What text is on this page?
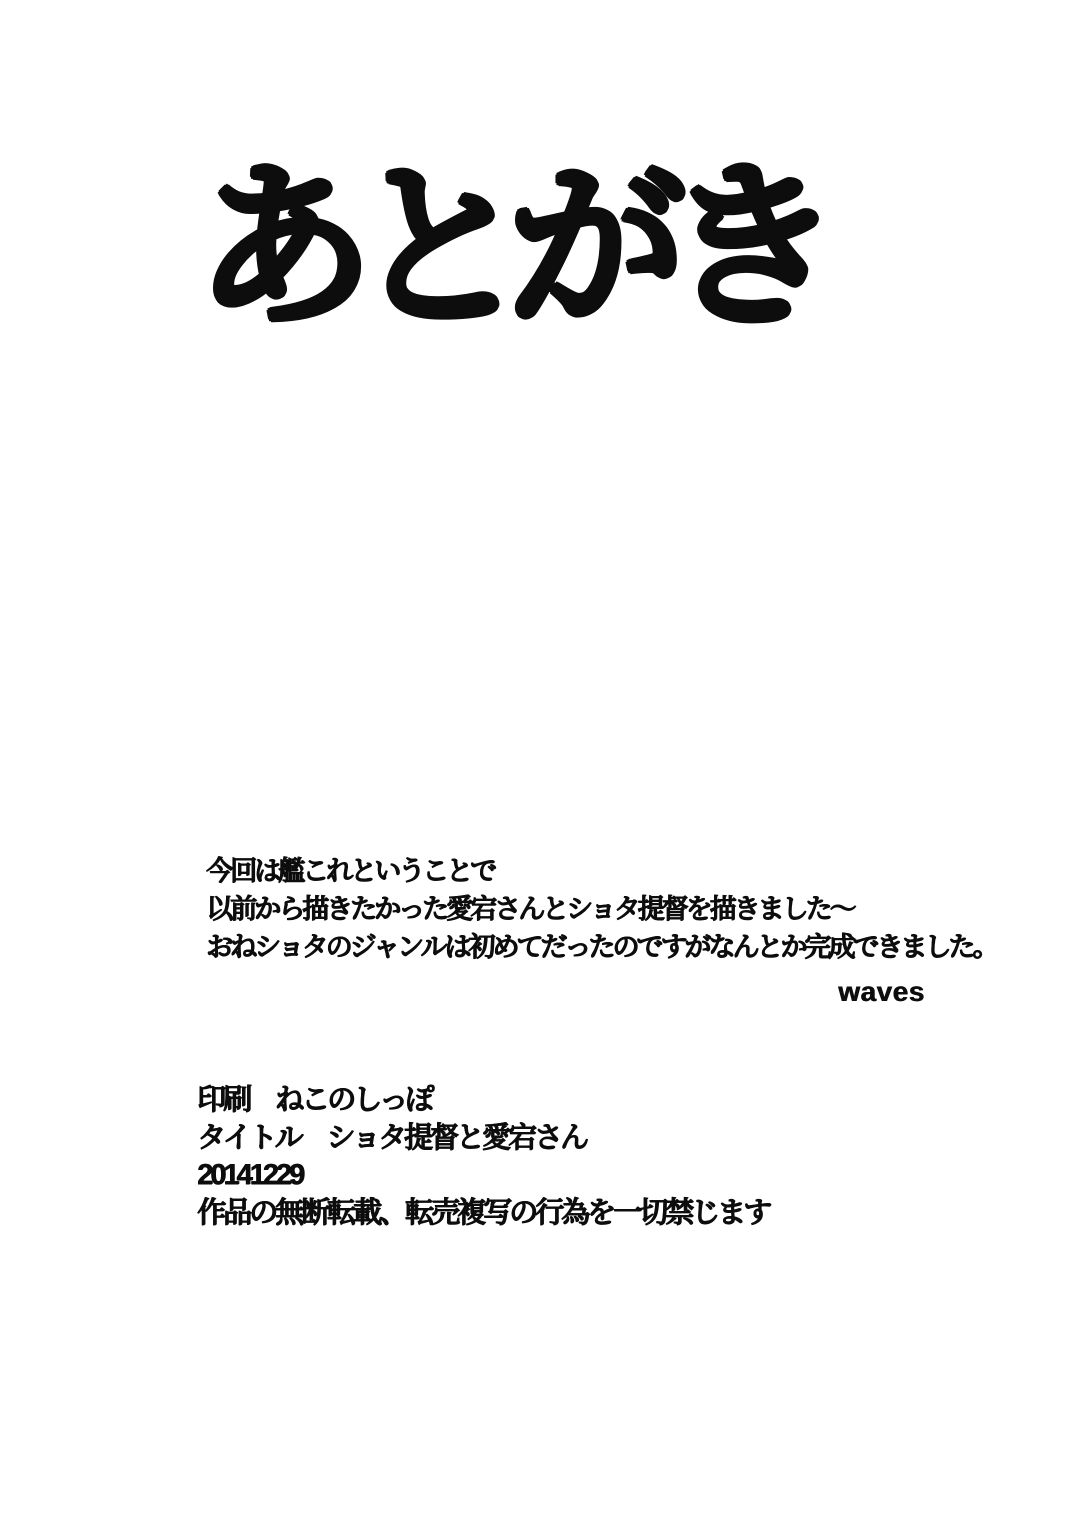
あとがき

今回は艦これということで

以前から描きたかった愛宕さんとショタ提督を描きました～

おねショタのジャンルは初めてだったのですがなんとか完成できました。

waves

印刷　ねこのしっぽ

タイトル　ショタ提督と愛宕さん

20141229

作品の無断転載、転売複写の行為を一切禁じます
